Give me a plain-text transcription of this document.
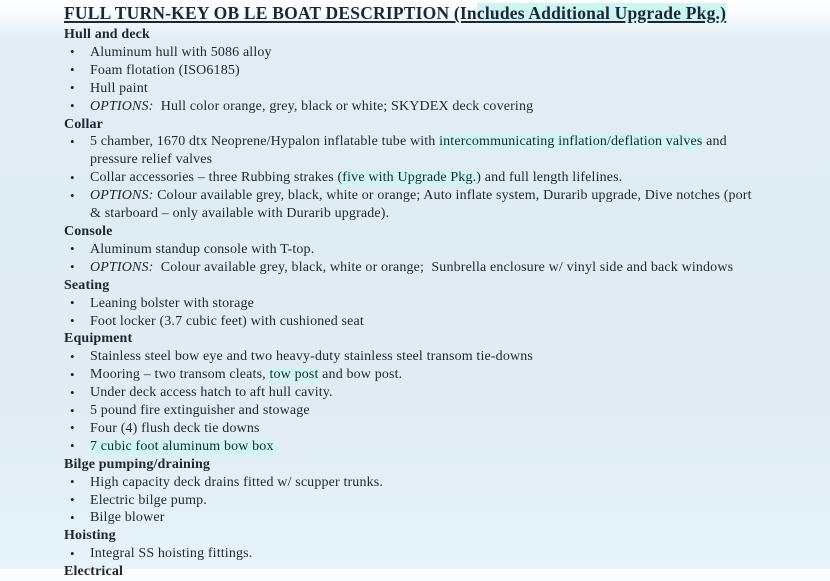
FULL TURN-KEY OB LE BOAT DESCRIPTION (Includes Additional Upgrade Pkg.)
Hull and deck
• Aluminum hull with 5086 alloy
• Foam flotation (ISO6185)
• Hull paint
• OPTIONS:  Hull color orange, grey, black or white; SKYDEX deck covering
Collar
• 5 chamber, 1670 dtx Neoprene/Hypalon inflatable tube with intercommunicating inflation/deflation valves and
pressure relief valves
• Collar accessories – three Rubbing strakes (five with Upgrade Pkg.) and full length lifelines.
• OPTIONS: Colour available grey, black, white or orange; Auto inflate system, Durarib upgrade, Dive notches (port
& starboard – only available with Durarib upgrade).
Console
• Aluminum standup console with T-top.
• OPTIONS:  Colour available grey, black, white or orange;  Sunbrella enclosure w/ vinyl side and back windows
Seating
• Leaning bolster with storage
• Foot locker (3.7 cubic feet) with cushioned seat
Equipment
• Stainless steel bow eye and two heavy-duty stainless steel transom tie-downs
• Mooring – two transom cleats, tow post and bow post.
• Under deck access hatch to aft hull cavity.
• 5 pound fire extinguisher and stowage
• Four (4) flush deck tie downs
• 7 cubic foot aluminum bow box
Bilge pumping/draining
• High capacity deck drains fitted w/ scupper trunks.
• Electric bilge pump.
• Bilge blower
Hoisting
• Integral SS hoisting fittings.
Electrical
